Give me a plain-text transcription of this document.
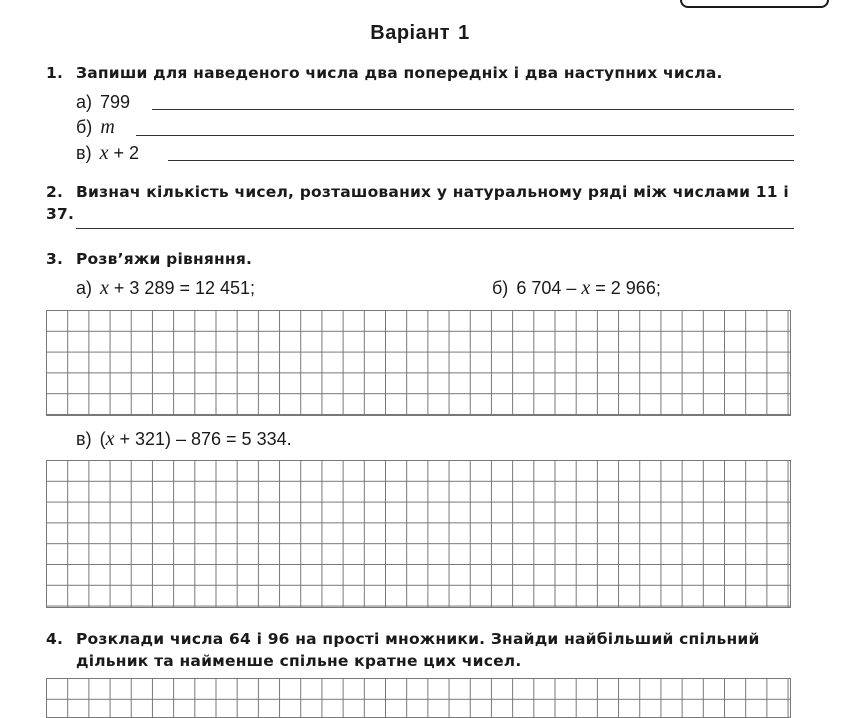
Варіант 1
1. Запиши для наведеного числа два попередніх і два наступних числа.
а) 799
б) m
в) x + 2
2. Визнач кількість чисел, розташованих у натуральному ряді між числами 11 і 37.
3. Розв’яжи рівняння.
а) x + 3 289 = 12 451;	б) 6 704 – x = 2 966;
в) (x + 321) – 876 = 5 334.
4. Розклади числа 64 і 96 на прості множники. Знайди найбільший спільний
дільник та найменше спільне кратне цих чисел.
